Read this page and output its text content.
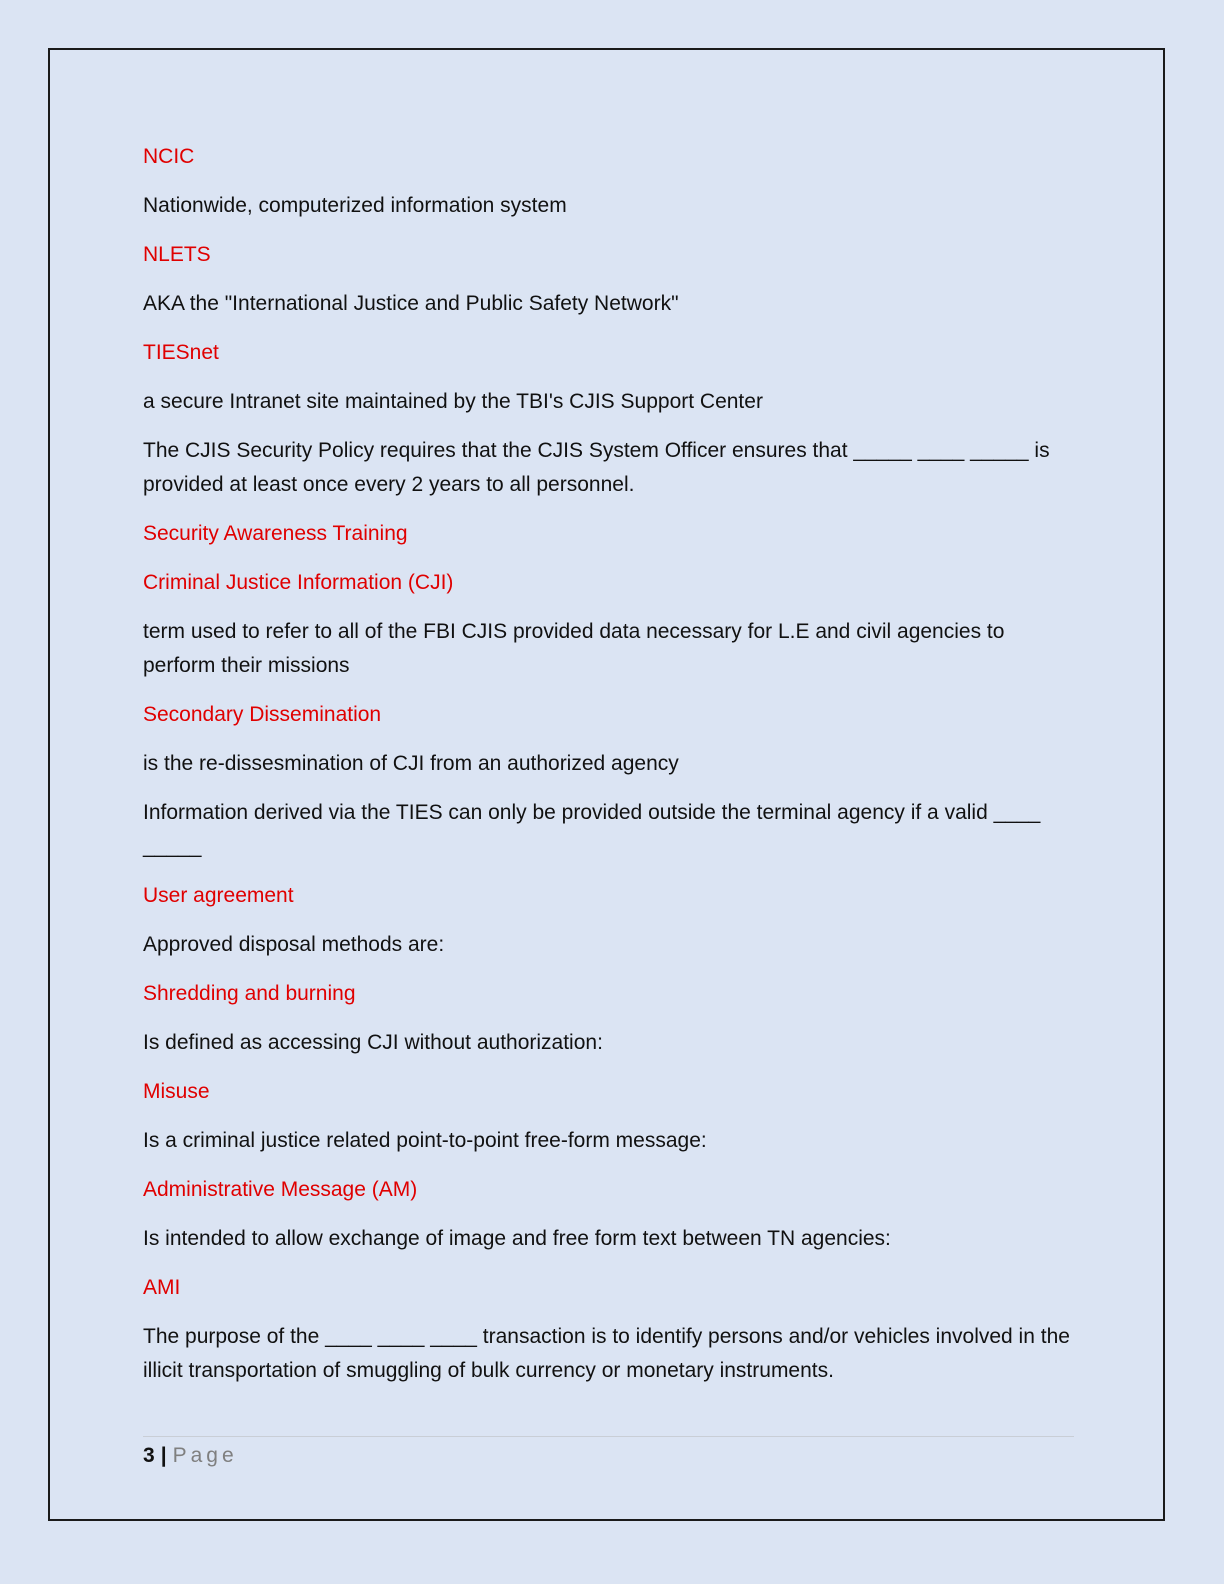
NCIC

Nationwide, computerized information system

NLETS

AKA the "International Justice and Public Safety Network"

TIESnet

a secure Intranet site maintained by the TBI's CJIS Support Center

The CJIS Security Policy requires that the CJIS System Officer ensures that _____ ____ _____ is provided at least once every 2 years to all personnel.

Security Awareness Training

Criminal Justice Information (CJI)

term used to refer to all of the FBI CJIS provided data necessary for L.E and civil agencies to perform their missions

Secondary Dissemination

is the re-dissesmination of CJI from an authorized agency

Information derived via the TIES can only be provided outside the terminal agency if a valid ____ _____

User agreement

Approved disposal methods are:

Shredding and burning

Is defined as accessing CJI without authorization:

Misuse

Is a criminal justice related point-to-point free-form message:

Administrative Message (AM)

Is intended to allow exchange of image and free form text between TN agencies:

AMI

The purpose of the ____ ____ ____ transaction is to identify persons and/or vehicles involved in the illicit transportation of smuggling of bulk currency or monetary instruments.

3 | Page
